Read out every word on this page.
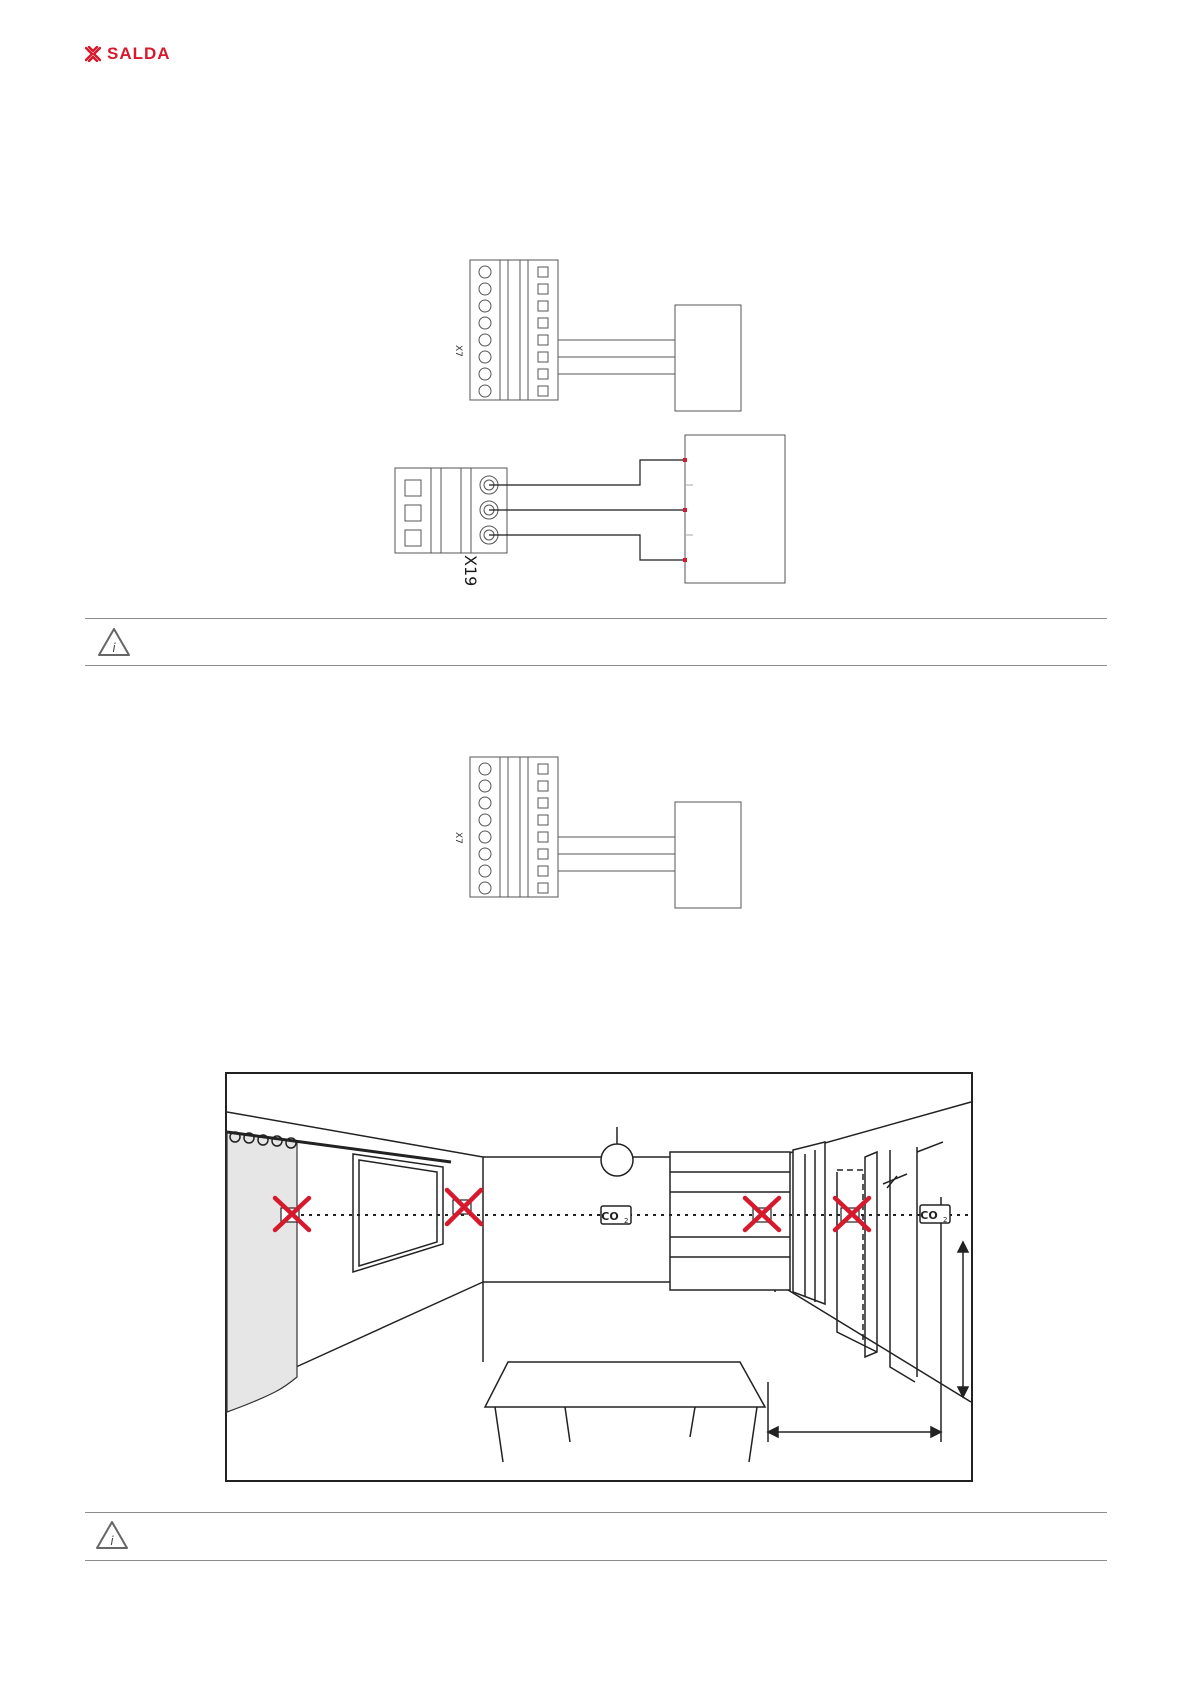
SALDA
X7
X19
i
X7
CO 2	CO 2
i
